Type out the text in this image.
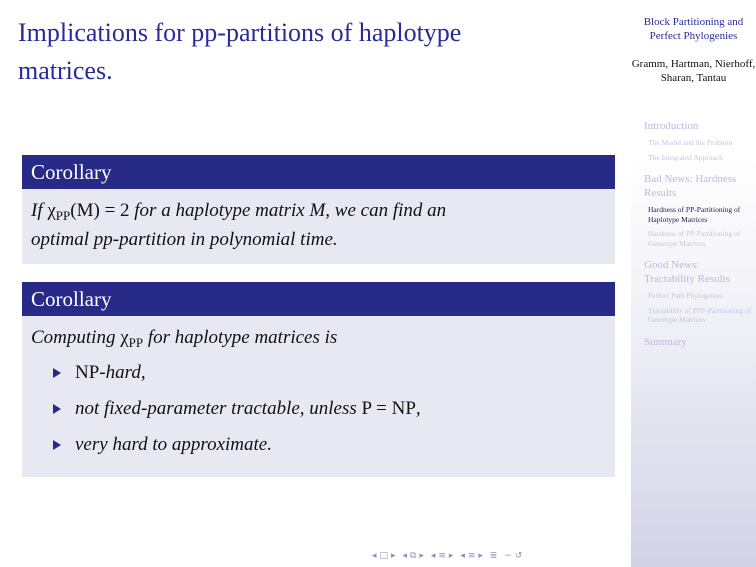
Implications for pp-partitions of haplotype
matrices.
Corollary
If $\chi_{PP}(M) = 2$ for a haplotype matrix M, we can find an
optimal pp-partition in polynomial time.
Corollary
Computing $\chi_{PP}$ for haplotype matrices is
NP-hard,
not fixed-parameter tractable, unless P = NP,
very hard to approximate.
Block Partitioning and Perfect Phylogenies
Gramm, Hartman, Nierhoff, Sharan, Tantau
Introduction
The Model and the Problem
The Integrated Approach
Bad News: Hardness Results
Hardness of PP-Partitioning of Haplotype Matrices
Hardness of PP-Partitioning of Genotype Matrices
Good News: Tractability Results
Perfect Path Phylogenies
Tractability of PPP-Partitioning of Genotype Matrices
Summary
◂ □ ▸ ◂ ⧉ ▸ ◂ ≡ ▸ ◂ ≡ ▸ ≣ ∽ ↺
